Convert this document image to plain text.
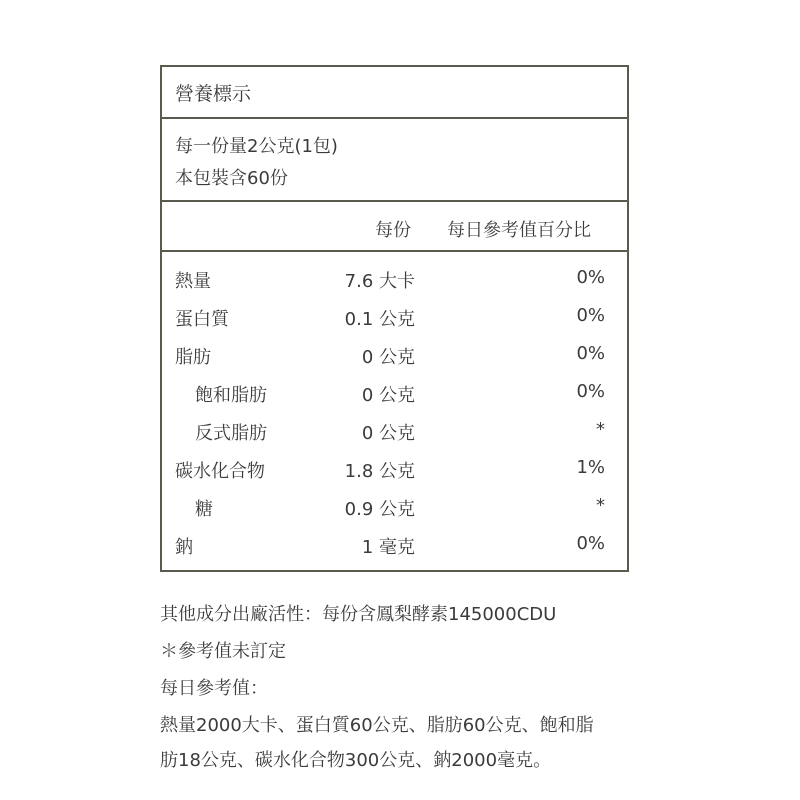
營養標示
每一份量2公克(1包)
本包裝含60份
每份 每日參考值百分比
熱量	7.6 大卡	0%
蛋白質	0.1 公克	0%
脂肪	0 公克	0%
飽和脂肪	0 公克	0%
反式脂肪	0 公克	*
碳水化合物	1.8 公克	1%
糖	0.9 公克	*
鈉	1 毫克	0%
其他成分出廠活性：每份含鳳梨酵素145000CDU
＊參考值未訂定
每日參考值：
熱量2000大卡、蛋白質60公克、脂肪60公克、飽和脂
肪18公克、碳水化合物300公克、鈉2000毫克。
